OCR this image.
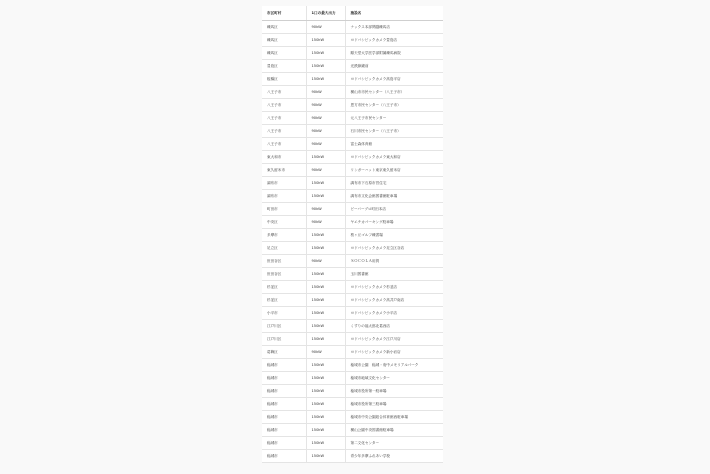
市区町村	1口の最大出力	施設名
練馬区	90kW	ナックス本部関越練馬店
練馬区	150kW	ヨドバシビックカメラ豊島店
練馬区	150kW	順天堂大学医学部附属練馬病院
豊島区	150kW	光鉄線鏡前
板橋区	150kW	ヨドバシビックカメラ高島平店
八王子市	90kW	横山市市民センター（八王子市）
八王子市	90kW	恩方市民センター（八王子市）
八王子市	90kW	元八王子市民センター
八王子市	90kW	石川市民センター（八王子市）
八王子市	90kW	富士森体育館
東大和市	150kW	ヨドバシビックカメラ東大和店
東久留米市	90kW	リンガーハット東京東久留米店
調布市	150kW	調布市下石原市営住宅
調布市	150kW	調布市文化会館図書館駐車場
町田市	90kW	ビーバーブロ町田本店
中央区	90kW	ヤエチカパーキング駐車場
多摩市	150kW	桜ヶ丘ゴルフ練習場
足立区	150kW	ヨドバシビックカメラ足立区谷店
世田谷区	90kW	ＳＯＣＯＬＡ用賀
世田谷区	150kW	玉川図書館
杉並区	150kW	ヨドバシビックカメラ杉並店
杉並区	150kW	ヨドバシビックカメラ高井戸南店
小平市	150kW	ヨドバシビックカメラ小平店
江戸川区	150kW	くすりの福太郎北葛西店
江戸川区	150kW	ヨドバシビックカメラ江戸川店
葛飾区	90kW	ヨドバシビックカメラ新小岩店
稲城市	150kW	稲城市公園　稲城・府中メモリアルパーク
稲城市	150kW	稲城市地域文化センター
稲城市	150kW	稲城市役所第一駐車場
稲城市	150kW	稲城市役所第三駐車場
稲城市	150kW	稲城市中央公園総合体育館西駐車場
稲城市	150kW	横山公園中央図書館駐車場
稲城市	150kW	第二文化センター
稲城市	150kW	青少年多摩ふれあい学校
